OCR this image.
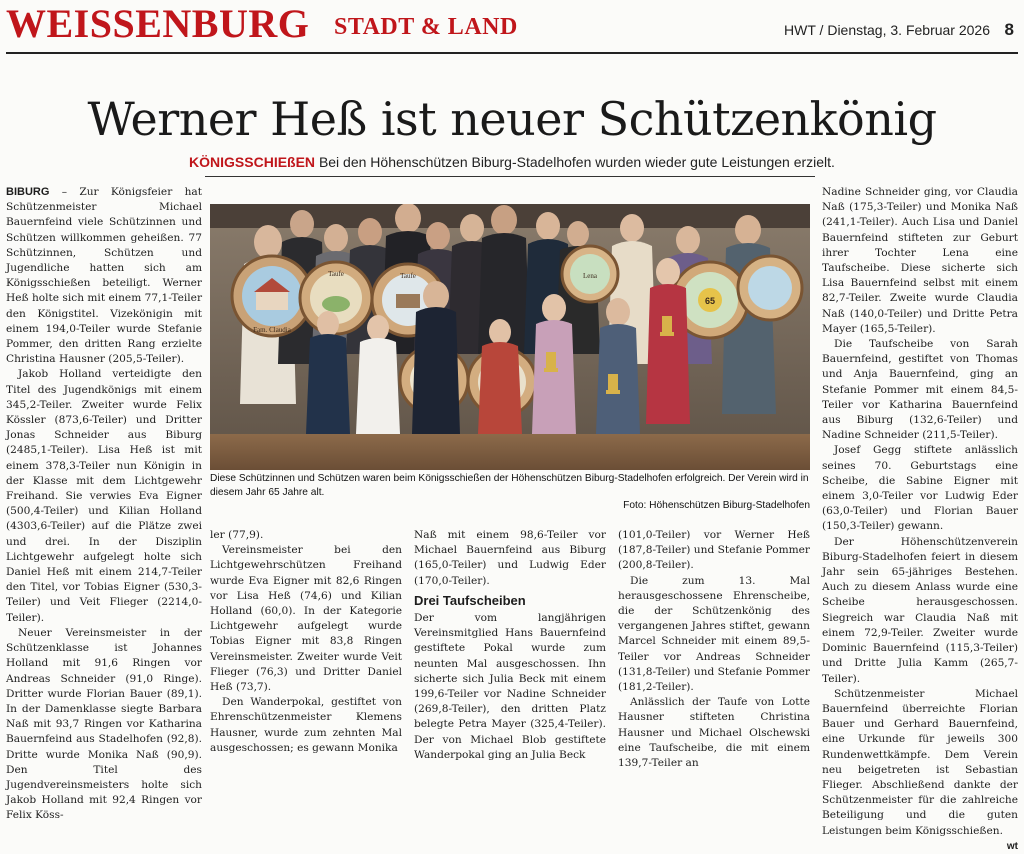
WEISSENBURG STADT & LAND	HWT / Dienstag, 3. Februar 2026 8
Werner Heß ist neuer Schützenkönig
KÖNIGSSCHIEßEN Bei den Höhenschützen Biburg-Stadelhofen wurden wieder gute Leistungen erzielt.

BIBURG – Zur Königsfeier hat Schützenmeister Michael Bauernfeind viele Schützinnen und Schützen willkommen geheißen. 77 Schützinnen, Schützen und Jugendliche hatten sich am Königsschießen beteiligt. Werner Heß holte sich mit einem 77,1-Teiler den Königstitel. Vizekönigin mit einem 194,0-Teiler wurde Stefanie Pommer, den dritten Rang erzielte Christina Hausner (205,5-Teiler).

Jakob Holland verteidigte den Titel des Jugendkönigs mit einem 345,2-Teiler. Zweiter wurde Felix Kössler (873,6-Teiler) und Dritter Jonas Schneider aus Biburg (2485,1-Teiler). Lisa Heß ist mit einem 378,3-Teiler nun Königin in der Klasse mit dem Lichtgewehr Freihand. Sie verwies Eva Eigner (500,4-Teiler) und Kilian Holland (4303,6-Teiler) auf die Plätze zwei und drei. In der Disziplin Lichtgewehr aufgelegt holte sich Daniel Heß mit einem 214,7-Teiler den Titel, vor Tobias Eigner (530,3-Teiler) und Veit Flieger (2214,0-Teiler).

Neuer Vereinsmeister in der Schützenklasse ist Johannes Holland mit 91,6 Ringen vor Andreas Schneider (91,0 Ringe). Dritter wurde Florian Bauer (89,1). In der Damenklasse siegte Barbara Naß mit 93,7 Ringen vor Katharina Bauernfeind aus Stadelhofen (92,8). Dritte wurde Monika Naß (90,9). Den Titel des Jugendvereinsmeisters holte sich Jakob Holland mit 92,4 Ringen vor Felix Köss-

Fam. Claudia
Taufe	Taufe	Lena
65
Diese Schützinnen und Schützen waren beim Königsschießen der Höhenschützen Biburg-Stadelhofen erfolgreich. Der Verein wird in diesem Jahr 65 Jahre alt.
Foto: Höhenschützen Biburg-Stadelhofen

ler (77,9).

Vereinsmeister bei den Lichtgewehrschützen Freihand wurde Eva Eigner mit 82,6 Ringen vor Lisa Heß (74,6) und Kilian Holland (60,0). In der Kategorie Lichtgewehr aufgelegt wurde Tobias Eigner mit 83,8 Ringen Vereinsmeister. Zweiter wurde Veit Flieger (76,3) und Dritter Daniel Heß (73,7).

Den Wanderpokal, gestiftet von Ehrenschützenmeister Klemens Hausner, wurde zum zehnten Mal ausgeschossen; es gewann Monika

Naß mit einem 98,6-Teiler vor Michael Bauernfeind aus Biburg (165,0-Teiler) und Ludwig Eder (170,0-Teiler).

Drei Taufscheiben

Der vom langjährigen Vereinsmitglied Hans Bauernfeind gestiftete Pokal wurde zum neunten Mal ausgeschossen. Ihn sicherte sich Julia Beck mit einem 199,6-Teiler vor Nadine Schneider (269,8-Teiler), den dritten Platz belegte Petra Mayer (325,4-Teiler). Der von Michael Blob gestiftete Wanderpokal ging an Julia Beck

(101,0-Teiler) vor Werner Heß (187,8-Teiler) und Stefanie Pommer (200,8-Teiler).

Die zum 13. Mal herausgeschossene Ehrenscheibe, die der Schützenkönig des vergangenen Jahres stiftet, gewann Marcel Schneider mit einem 89,5-Teiler vor Andreas Schneider (131,8-Teiler) und Stefanie Pommer (181,2-Teiler).

Anlässlich der Taufe von Lotte Hausner stifteten Christina Hausner und Michael Olschewski eine Taufscheibe, die mit einem 139,7-Teiler an

Nadine Schneider ging, vor Claudia Naß (175,3-Teiler) und Monika Naß (241,1-Teiler). Auch Lisa und Daniel Bauernfeind stifteten zur Geburt ihrer Tochter Lena eine Taufscheibe. Diese sicherte sich Lisa Bauernfeind selbst mit einem 82,7-Teiler. Zweite wurde Claudia Naß (140,0-Teiler) und Dritte Petra Mayer (165,5-Teiler).

Die Taufscheibe von Sarah Bauernfeind, gestiftet von Thomas und Anja Bauernfeind, ging an Stefanie Pommer mit einem 84,5-Teiler vor Katharina Bauernfeind aus Biburg (132,6-Teiler) und Nadine Schneider (211,5-Teiler).

Josef Gegg stiftete anlässlich seines 70. Geburtstags eine Scheibe, die Sabine Eigner mit einem 3,0-Teiler vor Ludwig Eder (63,0-Teiler) und Florian Bauer (150,3-Teiler) gewann.

Der Höhenschützenverein Biburg-Stadelhofen feiert in diesem Jahr sein 65-jähriges Bestehen. Auch zu diesem Anlass wurde eine Scheibe herausgeschossen. Siegreich war Claudia Naß mit einem 72,9-Teiler. Zweiter wurde Dominic Bauernfeind (115,3-Teiler) und Dritte Julia Kamm (265,7-Teiler).

Schützenmeister Michael Bauernfeind überreichte Florian Bauer und Gerhard Bauernfeind, eine Urkunde für jeweils 300 Rundenwettkämpfe. Dem Verein neu beigetreten ist Sebastian Flieger. Abschließend dankte der Schützenmeister für die zahlreiche Beteiligung und die guten Leistungen beim Königsschießen.

wt
